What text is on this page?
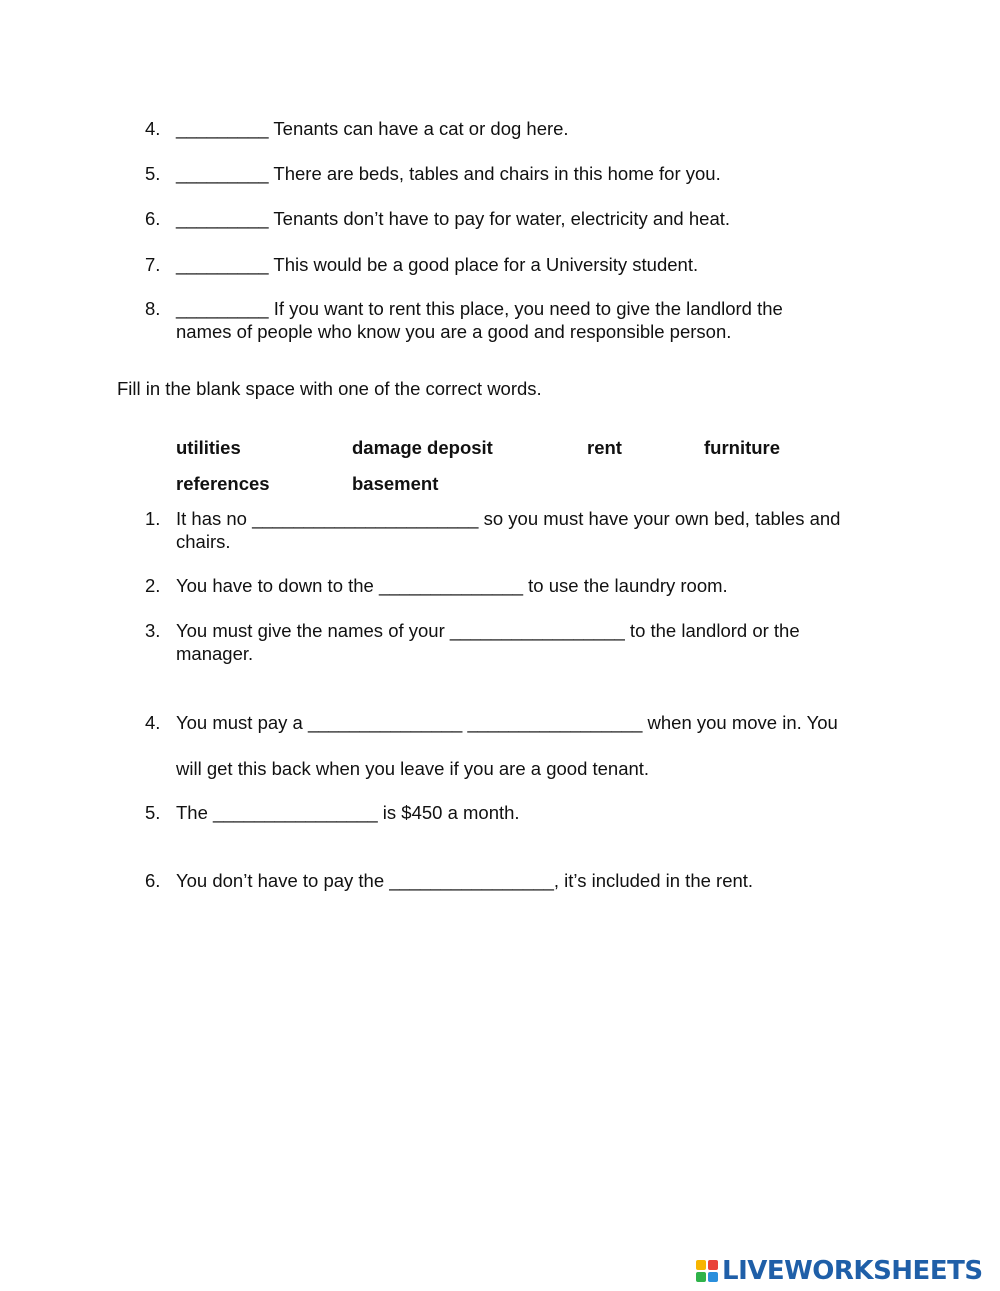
4. _________ Tenants can have a cat or dog here.
5. _________ There are beds, tables and chairs in this home for you.
6. _________ Tenants don’t have to pay for water, electricity and heat.
7. _________ This would be a good place for a University student.
8. _________ If you want to rent this place, you need to give the landlord the names of people who know you are a good and responsible person.
Fill in the blank space with one of the correct words.
utilities	damage deposit	rent	furniture
references	basement
1. It has no ______________________ so you must have your own bed, tables and chairs.
2. You have to down to the ______________ to use the laundry room.
3. You must give the names of your _________________ to the landlord or the manager.
4. You must pay a _______________ _________________ when you move in. You
will get this back when you leave if you are a good tenant.
5. The ________________ is $450 a month.
6. You don’t have to pay the ________________, it’s included in the rent.
LIVEWORKSHEETS
